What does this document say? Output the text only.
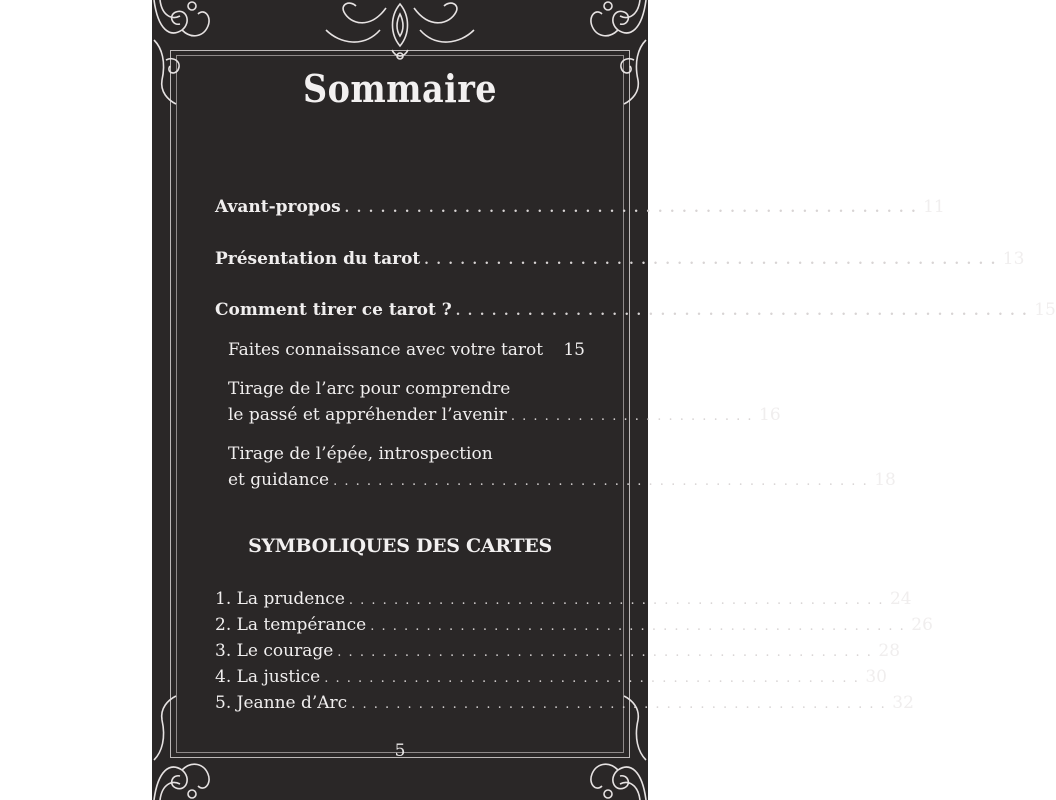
Sommaire
Avant-propos . . . . . . . . . . . . . . . . . . . . . . . . . . . . . . . . . . . . . . . . . . . . . . . . 11
Présentation du tarot . . . . . . . . . . . . . . . . . . . . . . . . . . . . . . . . . . . . . . . . . . . . . . . . 13
Comment tirer ce tarot ? . . . . . . . . . . . . . . . . . . . . . . . . . . . . . . . . . . . . . . . . . . . . . . . . 15
Faites connaissance avec votre tarot	15
Tirage de l’arc pour comprendre
le passé et appréhender l’avenir . . . . . . . . . . . . . . . . . . . . . . 16
Tirage de l’épée, introspection
et guidance . . . . . . . . . . . . . . . . . . . . . . . . . . . . . . . . . . . . . . . . . . . . . . . . 18
1. La prudence . . . . . . . . . . . . . . . . . . . . . . . . . . . . . . . . . . . . . . . . . . . . . . . . 24
2. La tempérance . . . . . . . . . . . . . . . . . . . . . . . . . . . . . . . . . . . . . . . . . . . . . . . . 26
3. Le courage . . . . . . . . . . . . . . . . . . . . . . . . . . . . . . . . . . . . . . . . . . . . . . . . 28
4. La justice . . . . . . . . . . . . . . . . . . . . . . . . . . . . . . . . . . . . . . . . . . . . . . . . 30
5. Jeanne d’Arc . . . . . . . . . . . . . . . . . . . . . . . . . . . . . . . . . . . . . . . . . . . . . . . . 32
SYMBOLIQUES DES CARTES
5
